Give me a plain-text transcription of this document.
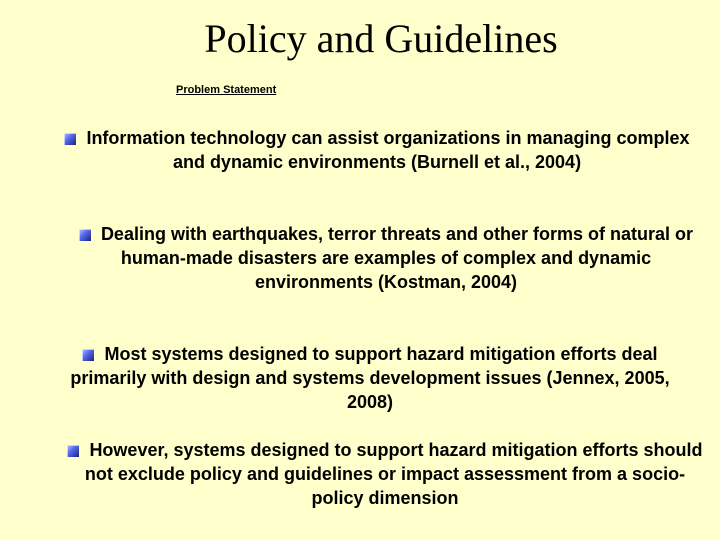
Policy and Guidelines
Problem Statement
Information technology can assist organizations in managing complex and dynamic environments (Burnell et al., 2004)
Dealing with earthquakes, terror threats and other forms of natural or human-made disasters are examples of complex and dynamic environments (Kostman, 2004)
Most systems designed to support hazard mitigation efforts deal primarily with design and systems development issues (Jennex, 2005, 2008)
However, systems designed to support hazard mitigation efforts should not exclude policy and guidelines or impact assessment from a socio-policy dimension
